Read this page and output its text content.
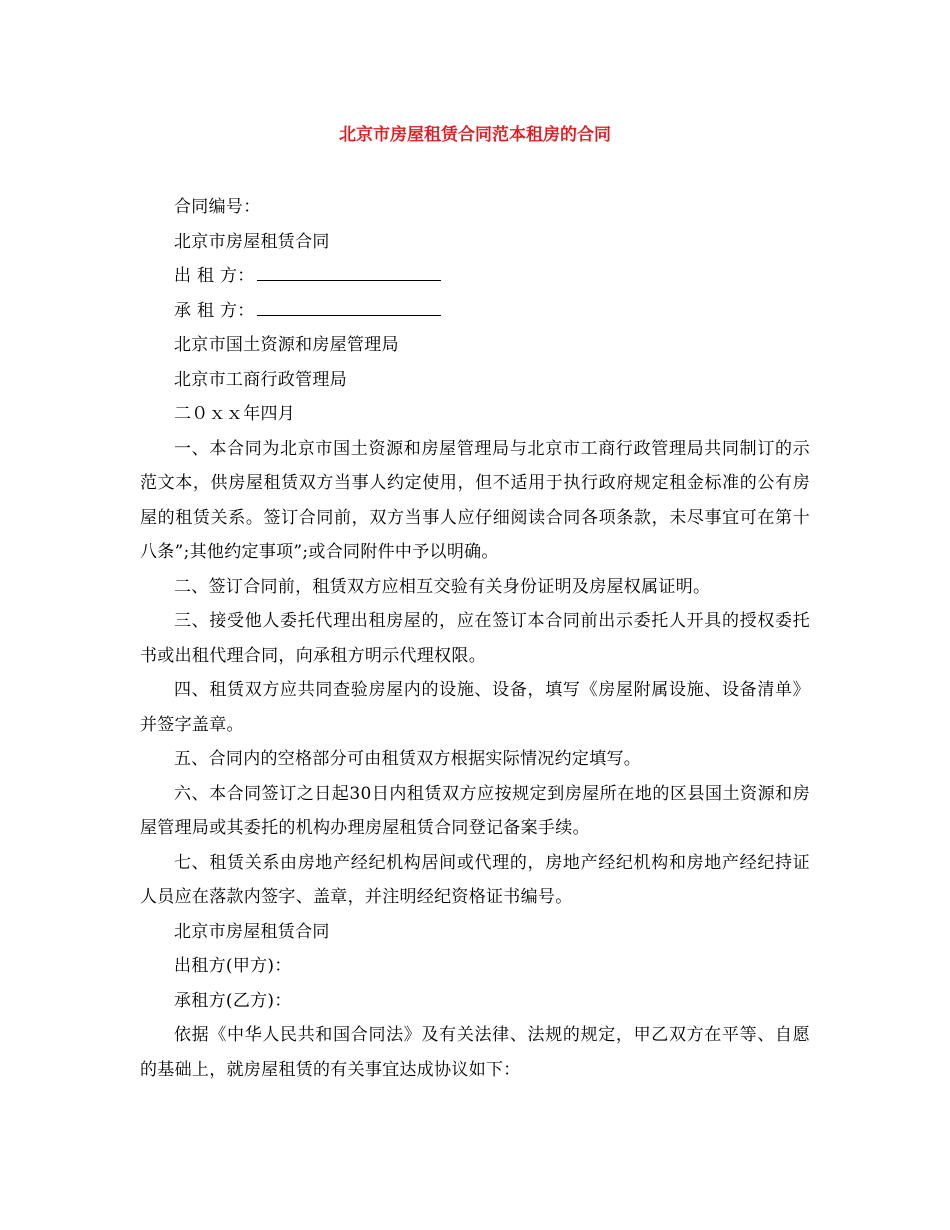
北京市房屋租赁合同范本租房的合同
合同编号：
北京市房屋租赁合同
出 租 方：
承 租 方：
北京市国土资源和房屋管理局
北京市工商行政管理局
二０ｘｘ年四月

一、本合同为北京市国土资源和房屋管理局与北京市工商行政管理局共同制订的示范文本，供房屋租赁双方当事人约定使用，但不适用于执行政府规定租金标准的公有房屋的租赁关系。签订合同前，双方当事人应仔细阅读合同各项条款，未尽事宜可在第十八条”;其他约定事项”;或合同附件中予以明确。

二、签订合同前，租赁双方应相互交验有关身份证明及房屋权属证明。

三、接受他人委托代理出租房屋的，应在签订本合同前出示委托人开具的授权委托书或出租代理合同，向承租方明示代理权限。

四、租赁双方应共同查验房屋内的设施、设备，填写《房屋附属设施、设备清单》并签字盖章。

五、合同内的空格部分可由租赁双方根据实际情况约定填写。

六、本合同签订之日起30日内租赁双方应按规定到房屋所在地的区县国土资源和房屋管理局或其委托的机构办理房屋租赁合同登记备案手续。

七、租赁关系由房地产经纪机构居间或代理的，房地产经纪机构和房地产经纪持证人员应在落款内签字、盖章，并注明经纪资格证书编号。

北京市房屋租赁合同
出租方(甲方)：
承租方(乙方)：

依据《中华人民共和国合同法》及有关法律、法规的规定，甲乙双方在平等、自愿的基础上，就房屋租赁的有关事宜达成协议如下：
